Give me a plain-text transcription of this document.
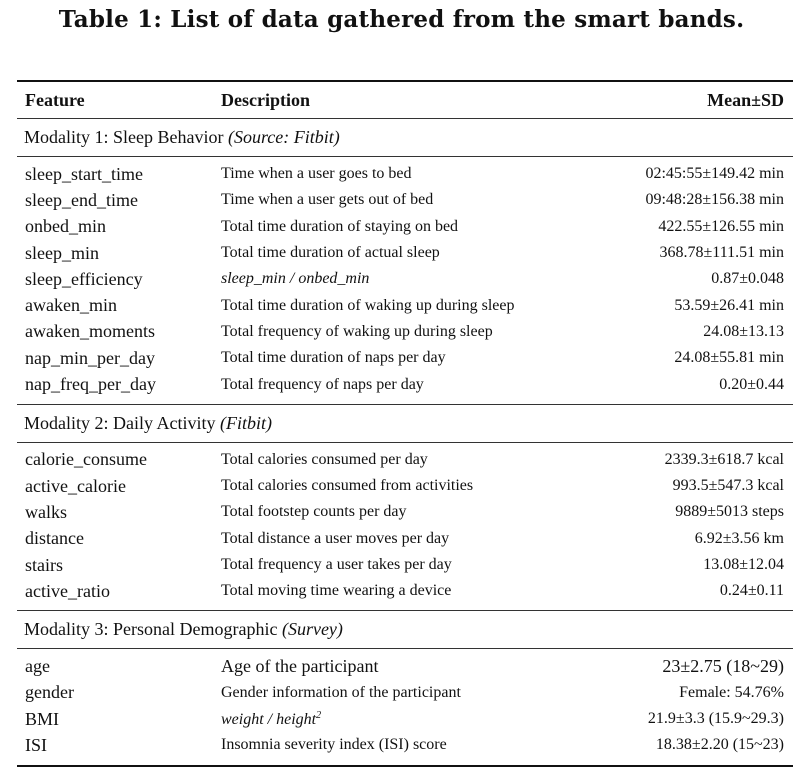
Table 1: List of data gathered from the smart bands.
Feature	Description	Mean±SD
Modality 1: Sleep Behavior (Source: Fitbit)
sleep_start_time	Time when a user goes to bed	02:45:55±149.42 min
sleep_end_time	Time when a user gets out of bed	09:48:28±156.38 min
onbed_min	Total time duration of staying on bed	422.55±126.55 min
sleep_min	Total time duration of actual sleep	368.78±111.51 min
sleep_efficiency	sleep_min / onbed_min	0.87±0.048
awaken_min	Total time duration of waking up during sleep	53.59±26.41 min
awaken_moments	Total frequency of waking up during sleep	24.08±13.13
nap_min_per_day	Total time duration of naps per day	24.08±55.81 min
nap_freq_per_day	Total frequency of naps per day	0.20±0.44
Modality 2: Daily Activity (Fitbit)
calorie_consume	Total calories consumed per day	2339.3±618.7 kcal
active_calorie	Total calories consumed from activities	993.5±547.3 kcal
walks	Total footstep counts per day	9889±5013 steps
distance	Total distance a user moves per day	6.92±3.56 km
stairs	Total frequency a user takes per day	13.08±12.04
active_ratio	Total moving time wearing a device	0.24±0.11
Modality 3: Personal Demographic (Survey)
age	Age of the participant	23±2.75 (18~29)
gender	Gender information of the participant	Female: 54.76%
BMI	weight / height$^2$	21.9±3.3 (15.9~29.3)
ISI	Insomnia severity index (ISI) score	18.38±2.20 (15~23)
